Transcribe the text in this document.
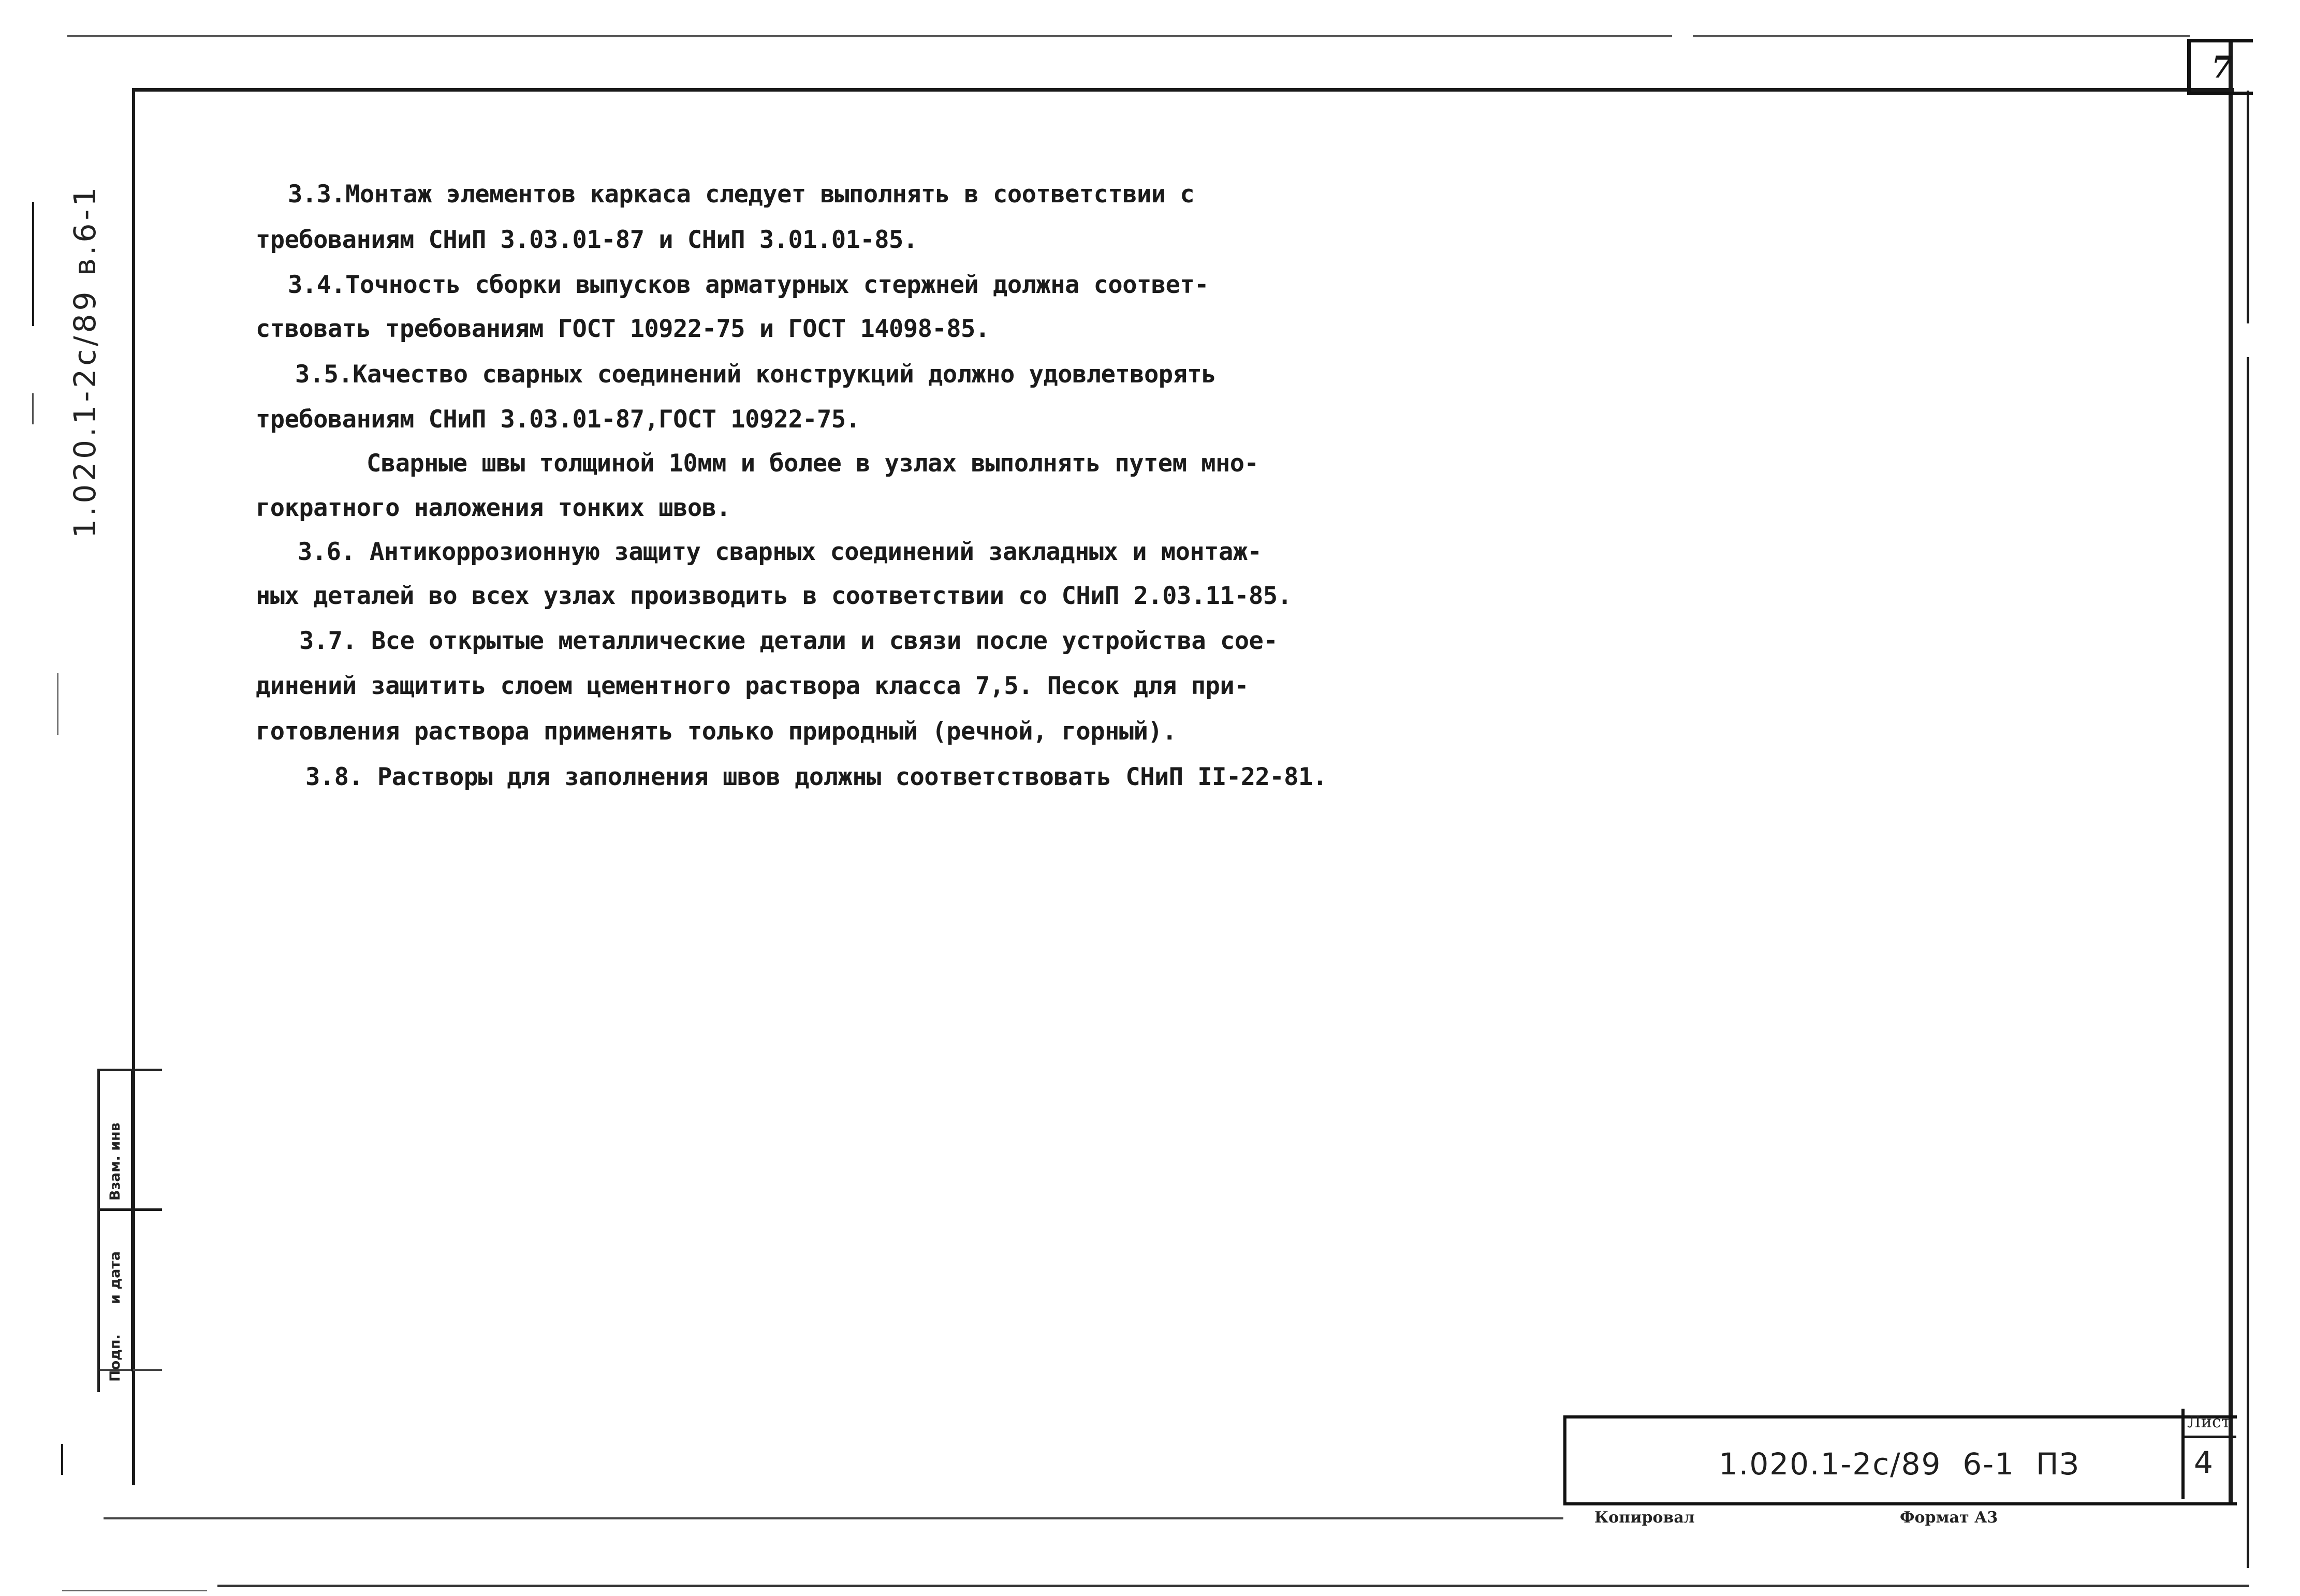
7
3.3.Монтаж элементов каркаса следует выполнять в соответствии с
требованиям СНиП 3.03.01-87 и СНиП 3.01.01-85.
3.4.Точность сборки выпусков арматурных стержней должна соответ-
ствовать требованиям ГОСТ 10922-75 и ГОСТ 14098-85.
3.5.Качество сварных соединений конструкций должно удовлетворять
требованиям СНиП 3.03.01-87,ГОСТ 10922-75.
Сварные швы толщиной 10мм и более в узлах выполнять путем мно-
гократного наложения тонких швов.
3.6. Антикоррозионную защиту сварных соединений закладных и монтаж-
ных деталей во всех узлах производить в соответствии со СНиП 2.03.11-85.
3.7. Все открытые металлические детали и связи после устройства сое-
динений защитить слоем цементного раствора класса 7,5. Песок для при-
готовления раствора применять только природный (речной, горный).
3.8. Растворы для заполнения швов должны соответствовать СНиП II-22-81.
1.020.1-2с/89 в.6-1
Взам. инв
и дата
Подп.
1.020.1-2с/89  6-1  ПЗ
Лист
4
Копировал	Формат А3
